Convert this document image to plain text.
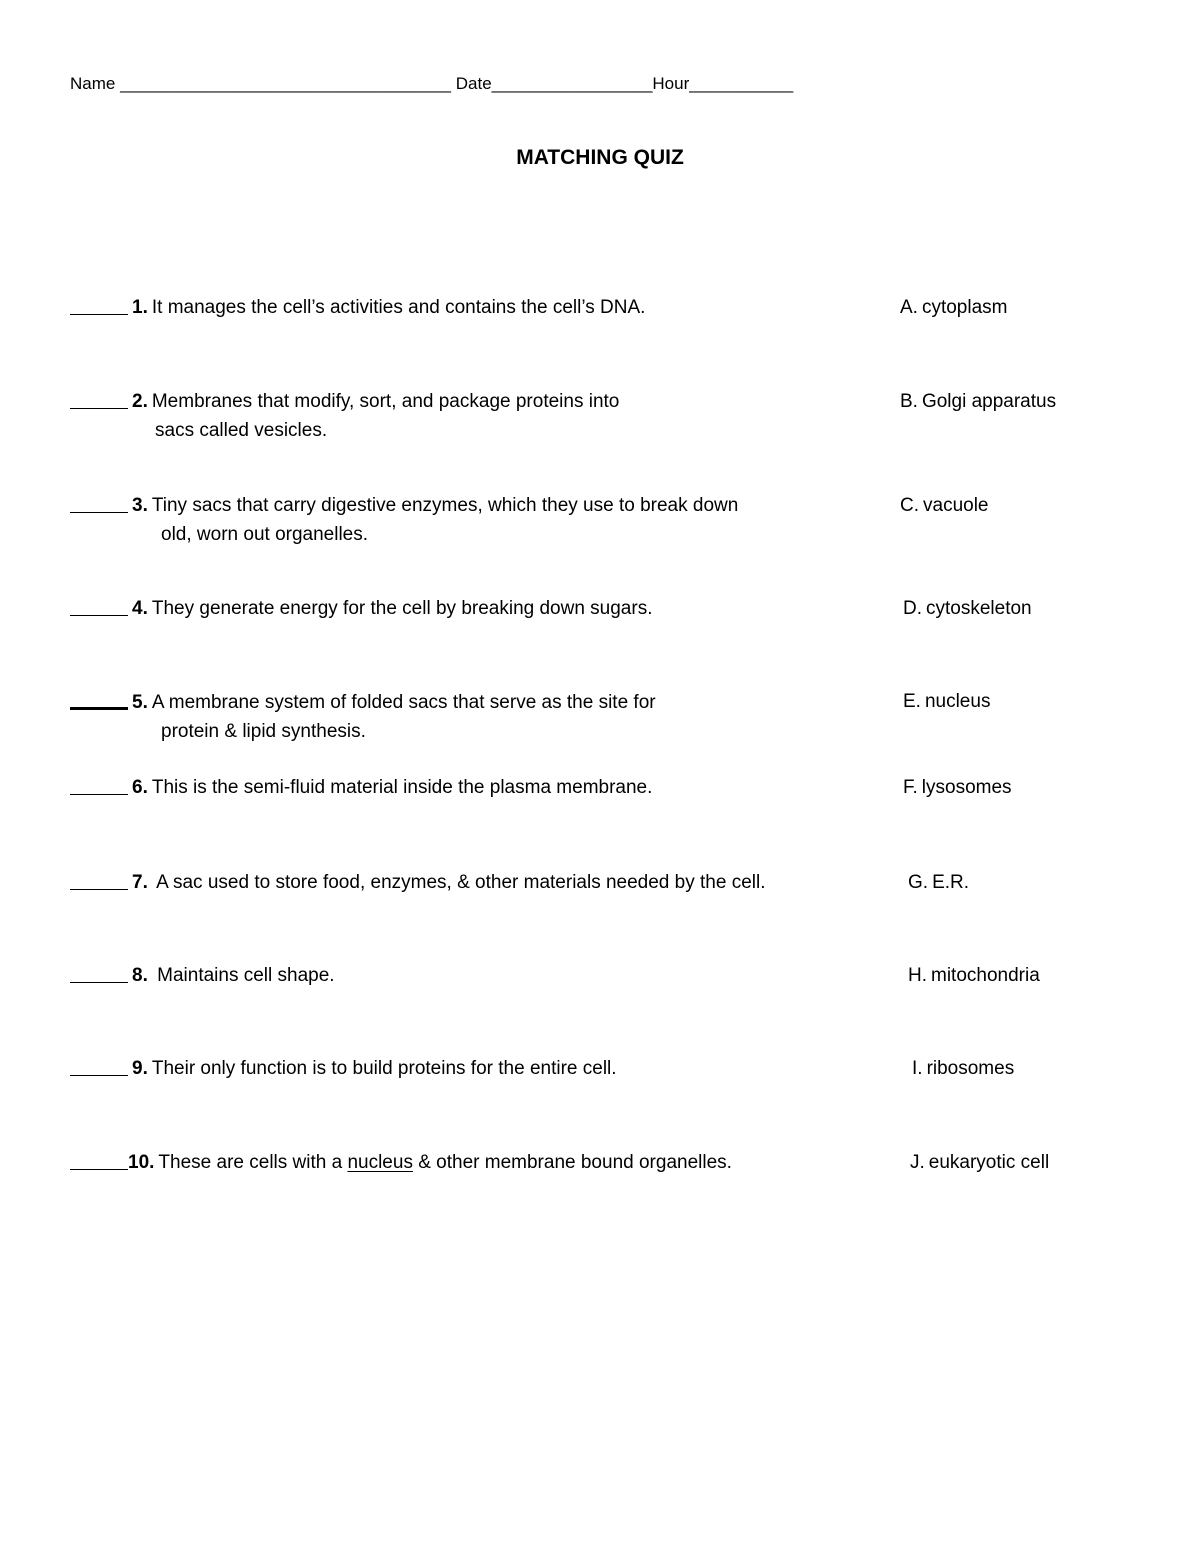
Name ___________________________________ Date_________________Hour___________
MATCHING QUIZ
1. It manages the cell’s activities and contains the cell’s DNA.
2. Membranes that modify, sort, and package proteins into
sacs called vesicles.
3. Tiny sacs that carry digestive enzymes, which they use to break down
old, worn out organelles.
4. They generate energy for the cell by breaking down sugars.
5. A membrane system of folded sacs that serve as the site for
protein & lipid synthesis.
6. This is the semi-fluid material inside the plasma membrane.
7. A sac used to store food, enzymes, & other materials needed by the cell.
8. Maintains cell shape.
9. Their only function is to build proteins for the entire cell.
10. These are cells with a nucleus & other membrane bound organelles.
A. cytoplasm
B. Golgi apparatus
C. vacuole
D. cytoskeleton
E. nucleus
F. lysosomes
G. E.R.
H. mitochondria
I. ribosomes
J. eukaryotic cell
